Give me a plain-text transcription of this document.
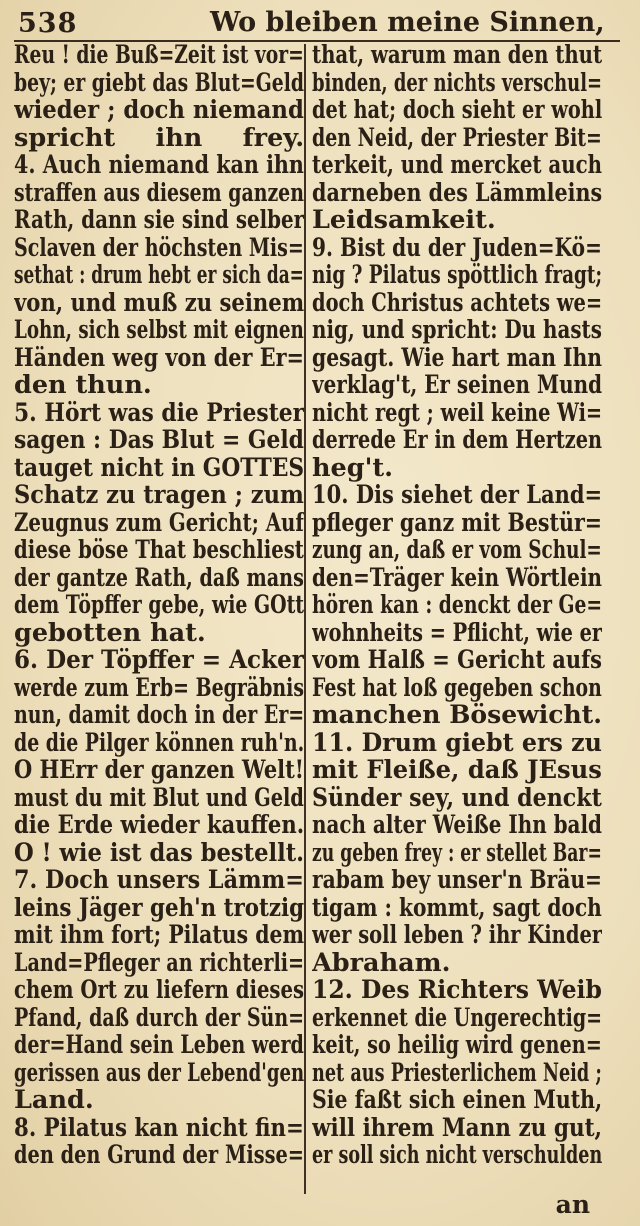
538	Wo bleiben meine Sinnen,
Reu ! die Buß=Zeit ist vor=
bey; er giebt das Blut=Geld
wieder ; doch niemand
spricht ihn frey.
4. Auch niemand kan ihn
straffen aus diesem ganzen
Rath, dann sie sind selber
Sclaven der höchsten Mis=
sethat : drum hebt er sich da=
von, und muß zu seinem
Lohn, sich selbst mit eignen
Händen weg von der Er=
den thun.
5. Hört was die Priester
sagen : Das Blut = Geld
tauget nicht in GOTTES
Schatz zu tragen ; zum
Zeugnus zum Gericht; Auf
diese böse That beschliest
der gantze Rath, daß mans
dem Töpffer gebe, wie GOtt
gebotten hat.
6. Der Töpffer = Acker
werde zum Erb= Begräbnis
nun, damit doch in der Er=
de die Pilger können ruh'n.
O HErr der ganzen Welt!
must du mit Blut und Geld
die Erde wieder kauffen.
O ! wie ist das bestellt.
7. Doch unsers Lämm=
leins Jäger geh'n trotzig
mit ihm fort; Pilatus dem
Land=Pfleger an richterli=
chem Ort zu liefern dieses
Pfand, daß durch der Sün=
der=Hand sein Leben werd
gerissen aus der Lebend'gen
Land.
8. Pilatus kan nicht fin=
den den Grund der Misse=
that, warum man den thut
binden, der nichts verschul=
det hat; doch sieht er wohl
den Neid, der Priester Bit=
terkeit, und mercket auch
darneben des Lämmleins
Leidsamkeit.
9. Bist du der Juden=Kö=
nig ? Pilatus spöttlich fragt;
doch Christus achtets we=
nig, und spricht: Du hasts
gesagt. Wie hart man Ihn
verklag't, Er seinen Mund
nicht regt ; weil keine Wi=
derrede Er in dem Hertzen
heg't.
10. Dis siehet der Land=
pfleger ganz mit Bestür=
zung an, daß er vom Schul=
den=Träger kein Wörtlein
hören kan : denckt der Ge=
wohnheits = Pflicht, wie er
vom Halß = Gericht aufs
Fest hat loß gegeben schon
manchen Bösewicht.
11. Drum giebt ers zu
mit Fleiße, daß JEsus
Sünder sey, und denckt
nach alter Weiße Ihn bald
zu geben frey : er stellet Bar=
rabam bey unser'n Bräu=
tigam : kommt, sagt doch
wer soll leben ? ihr Kinder
Abraham.
12. Des Richters Weib
erkennet die Ungerechtig=
keit, so heilig wird genen=
net aus Priesterlichem Neid ;
Sie faßt sich einen Muth,
will ihrem Mann zu gut,
er soll sich nicht verschulden
an
